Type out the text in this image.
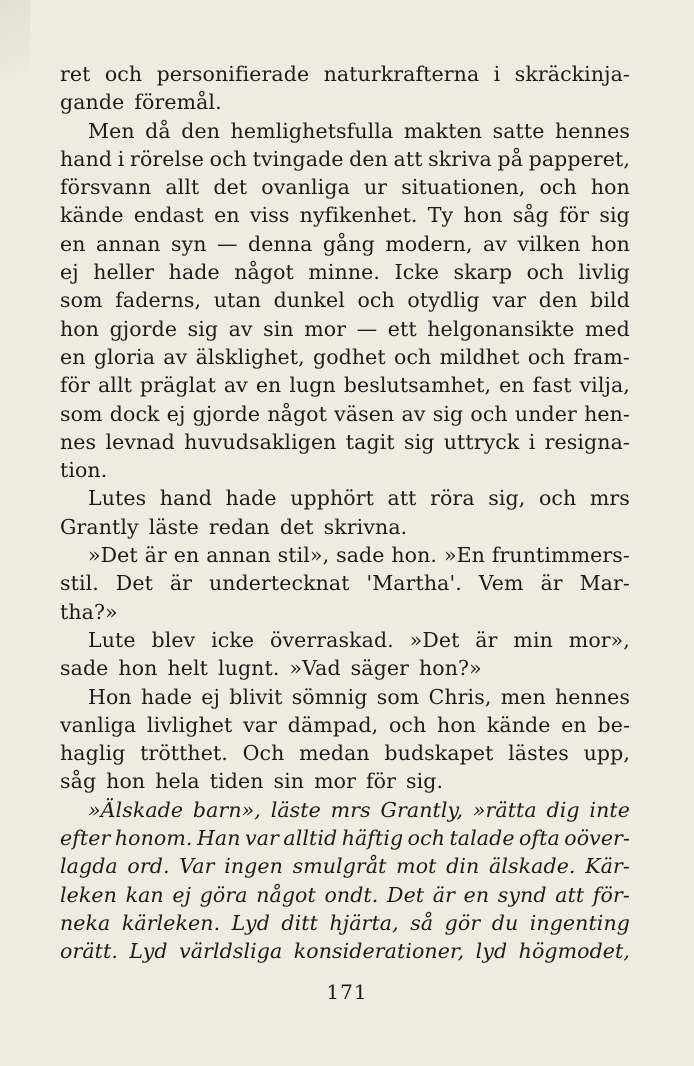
ret och personifierade naturkrafterna i skräckinja-
gande föremål.
Men då den hemlighetsfulla makten satte hennes
hand i rörelse och tvingade den att skriva på papperet,
försvann allt det ovanliga ur situationen, och hon
kände endast en viss nyfikenhet. Ty hon såg för sig
en annan syn — denna gång modern, av vilken hon
ej heller hade något minne. Icke skarp och livlig
som faderns, utan dunkel och otydlig var den bild
hon gjorde sig av sin mor — ett helgonansikte med
en gloria av älsklighet, godhet och mildhet och fram-
för allt präglat av en lugn beslutsamhet, en fast vilja,
som dock ej gjorde något väsen av sig och under hen-
nes levnad huvudsakligen tagit sig uttryck i resigna-
tion.
Lutes hand hade upphört att röra sig, och mrs
Grantly läste redan det skrivna.
»Det är en annan stil», sade hon. »En fruntimmers-
stil. Det är undertecknat 'Martha'. Vem är Mar-
tha?»
Lute blev icke överraskad. »Det är min mor»,
sade hon helt lugnt. »Vad säger hon?»
Hon hade ej blivit sömnig som Chris, men hennes
vanliga livlighet var dämpad, och hon kände en be-
haglig trötthet. Och medan budskapet lästes upp,
såg hon hela tiden sin mor för sig.
»Älskade barn», läste mrs Grantly, »rätta dig inte
efter honom. Han var alltid häftig och talade ofta oöver-
lagda ord. Var ingen smulgråt mot din älskade. Kär-
leken kan ej göra något ondt. Det är en synd att för-
neka kärleken. Lyd ditt hjärta, så gör du ingenting
orätt. Lyd världsliga konsiderationer, lyd högmodet,
171
